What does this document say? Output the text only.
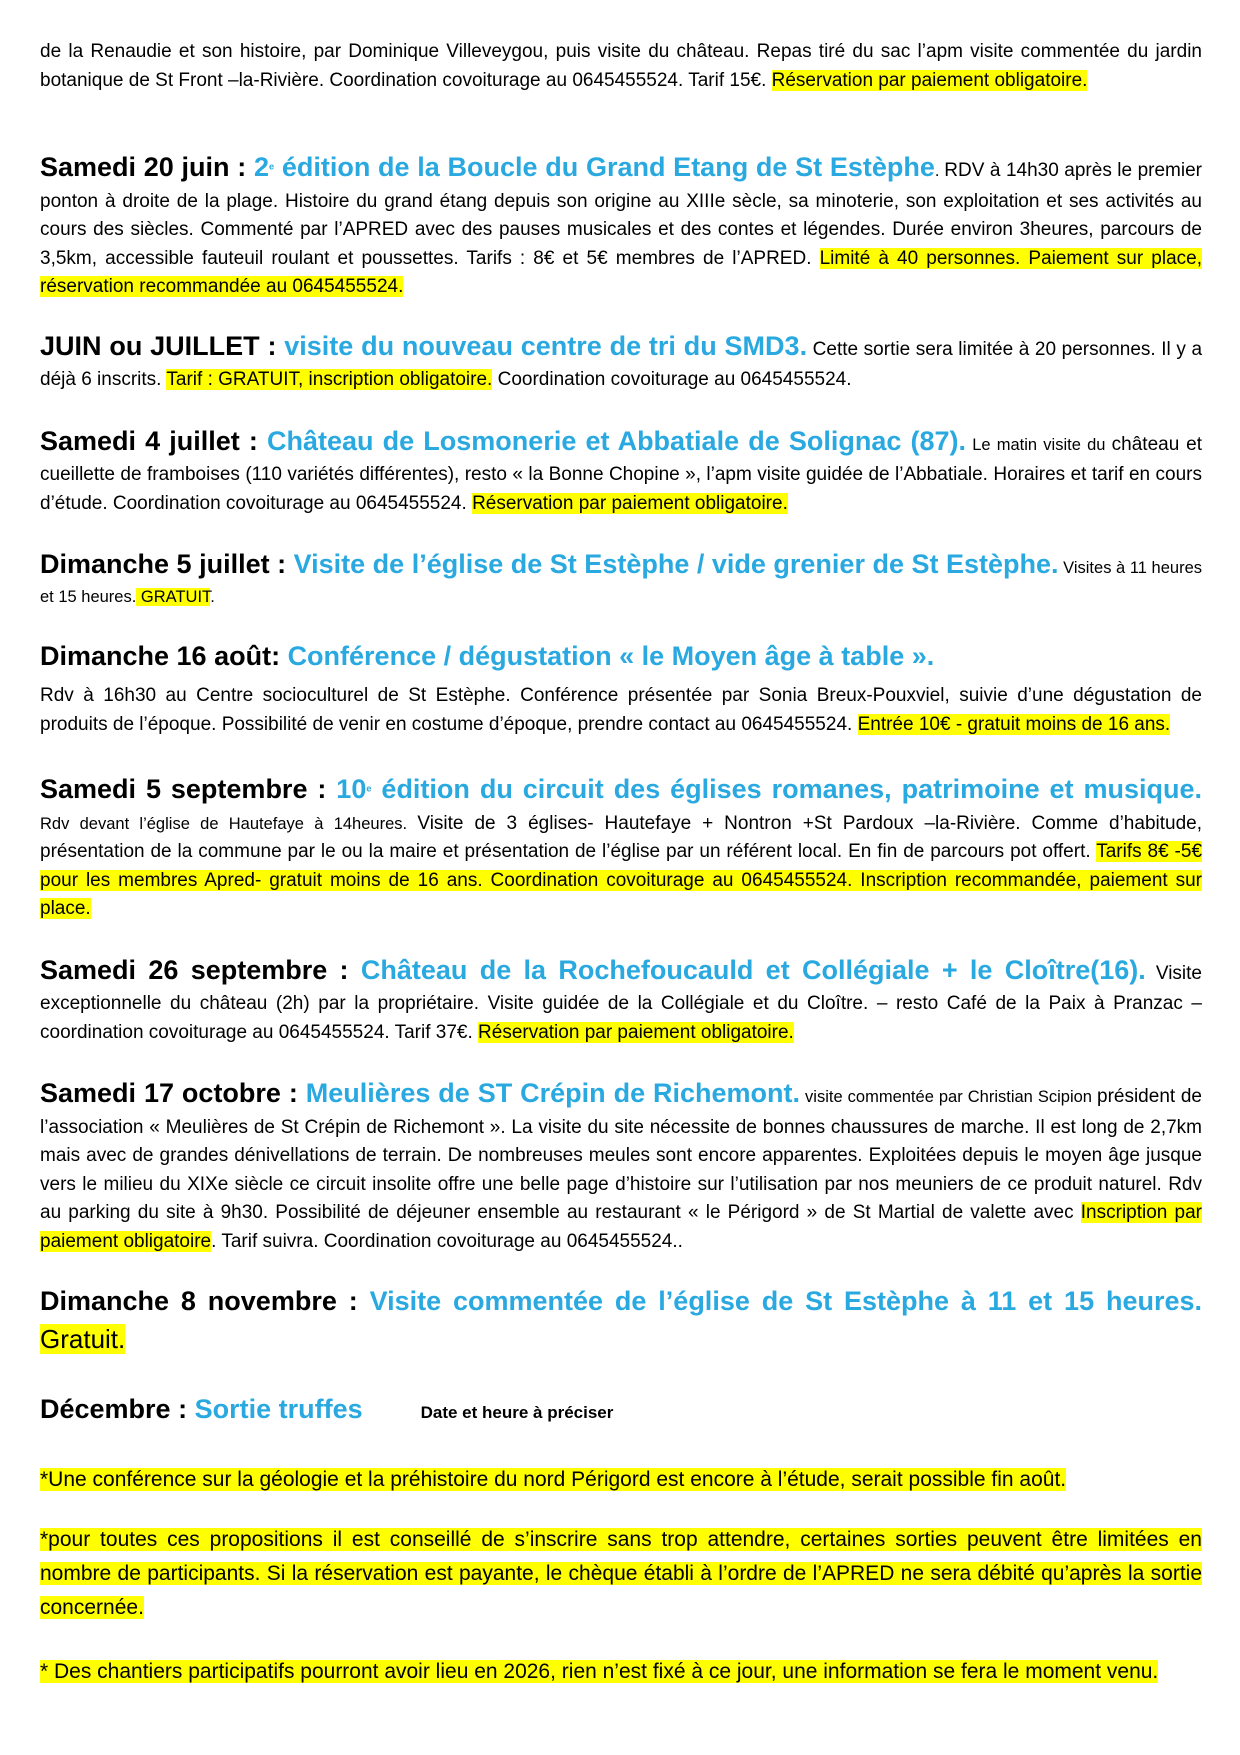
de la Renaudie et son histoire, par Dominique Villeveygou, puis visite du château. Repas tiré du sac l’apm visite commentée du jardin botanique de St Front –la-Rivière. Coordination covoiturage au 0645455524. Tarif 15€. Réservation par paiement obligatoire.

Samedi 20 juin : 2e édition de la Boucle du Grand Etang de St Estèphe. RDV à 14h30 après le premier ponton à droite de la plage. Histoire du grand étang depuis son origine au XIIIe sècle, sa minoterie, son exploitation et ses activités au cours des siècles. Commenté par l’APRED avec des pauses musicales et des contes et légendes. Durée environ 3heures, parcours de 3,5km, accessible fauteuil roulant et poussettes. Tarifs : 8€ et 5€ membres de l’APRED. Limité à 40 personnes. Paiement sur place, réservation recommandée au 0645455524.

JUIN ou JUILLET : visite du nouveau centre de tri du SMD3. Cette sortie sera limitée à 20 personnes. Il y a déjà 6 inscrits. Tarif : GRATUIT, inscription obligatoire. Coordination covoiturage au 0645455524.

Samedi 4 juillet : Château de Losmonerie et Abbatiale de Solignac (87). Le matin visite du château et cueillette de framboises (110 variétés différentes), resto « la Bonne Chopine », l’apm visite guidée de l’Abbatiale. Horaires et tarif en cours d’étude. Coordination covoiturage au 0645455524. Réservation par paiement obligatoire.

Dimanche 5 juillet : Visite de l’église de St Estèphe / vide grenier de St Estèphe. Visites à 11 heures et 15 heures. GRATUIT.

Dimanche 16 août: Conférence / dégustation « le Moyen âge à table ».

Rdv à 16h30 au Centre socioculturel de St Estèphe. Conférence présentée par Sonia Breux-Pouxviel, suivie d’une dégustation de produits de l’époque. Possibilité de venir en costume d’époque, prendre contact au 0645455524. Entrée 10€ - gratuit moins de 16 ans.

Samedi 5 septembre : 10e édition du circuit des églises romanes, patrimoine et musique. Rdv devant l’église de Hautefaye à 14heures. Visite de 3 églises- Hautefaye + Nontron +St Pardoux –la-Rivière. Comme d’habitude, présentation de la commune par le ou la maire et présentation de l’église par un référent local. En fin de parcours pot offert. Tarifs 8€ -5€ pour les membres Apred- gratuit moins de 16 ans. Coordination covoiturage au 0645455524. Inscription recommandée, paiement sur place.

Samedi 26 septembre : Château de la Rochefoucauld et Collégiale + le Cloître(16). Visite exceptionnelle du château (2h) par la propriétaire. Visite guidée de la Collégiale et du Cloître. – resto Café de la Paix à Pranzac – coordination covoiturage au 0645455524. Tarif 37€. Réservation par paiement obligatoire.

Samedi 17 octobre : Meulières de ST Crépin de Richemont. visite commentée par Christian Scipion président de l’association « Meulières de St Crépin de Richemont ». La visite du site nécessite de bonnes chaussures de marche. Il est long de 2,7km mais avec de grandes dénivellations de terrain. De nombreuses meules sont encore apparentes. Exploitées depuis le moyen âge jusque vers le milieu du XIXe siècle ce circuit insolite offre une belle page d’histoire sur l’utilisation par nos meuniers de ce produit naturel. Rdv au parking du site à 9h30. Possibilité de déjeuner ensemble au restaurant « le Périgord » de St Martial de valette avec Inscription par paiement obligatoire. Tarif suivra. Coordination covoiturage au 0645455524..

Dimanche 8 novembre : Visite commentée de l’église de St Estèphe à 11 et 15 heures. Gratuit.

Décembre : Sortie truffes	Date et heure à préciser

*Une conférence sur la géologie et la préhistoire du nord Périgord est encore à l’étude, serait possible fin août.

*pour toutes ces propositions il est conseillé de s’inscrire sans trop attendre, certaines sorties peuvent être limitées en nombre de participants. Si la réservation est payante, le chèque établi à l’ordre de l’APRED ne sera débité qu’après la sortie concernée.

* Des chantiers participatifs pourront avoir lieu en 2026, rien n’est fixé à ce jour, une information se fera le moment venu.
